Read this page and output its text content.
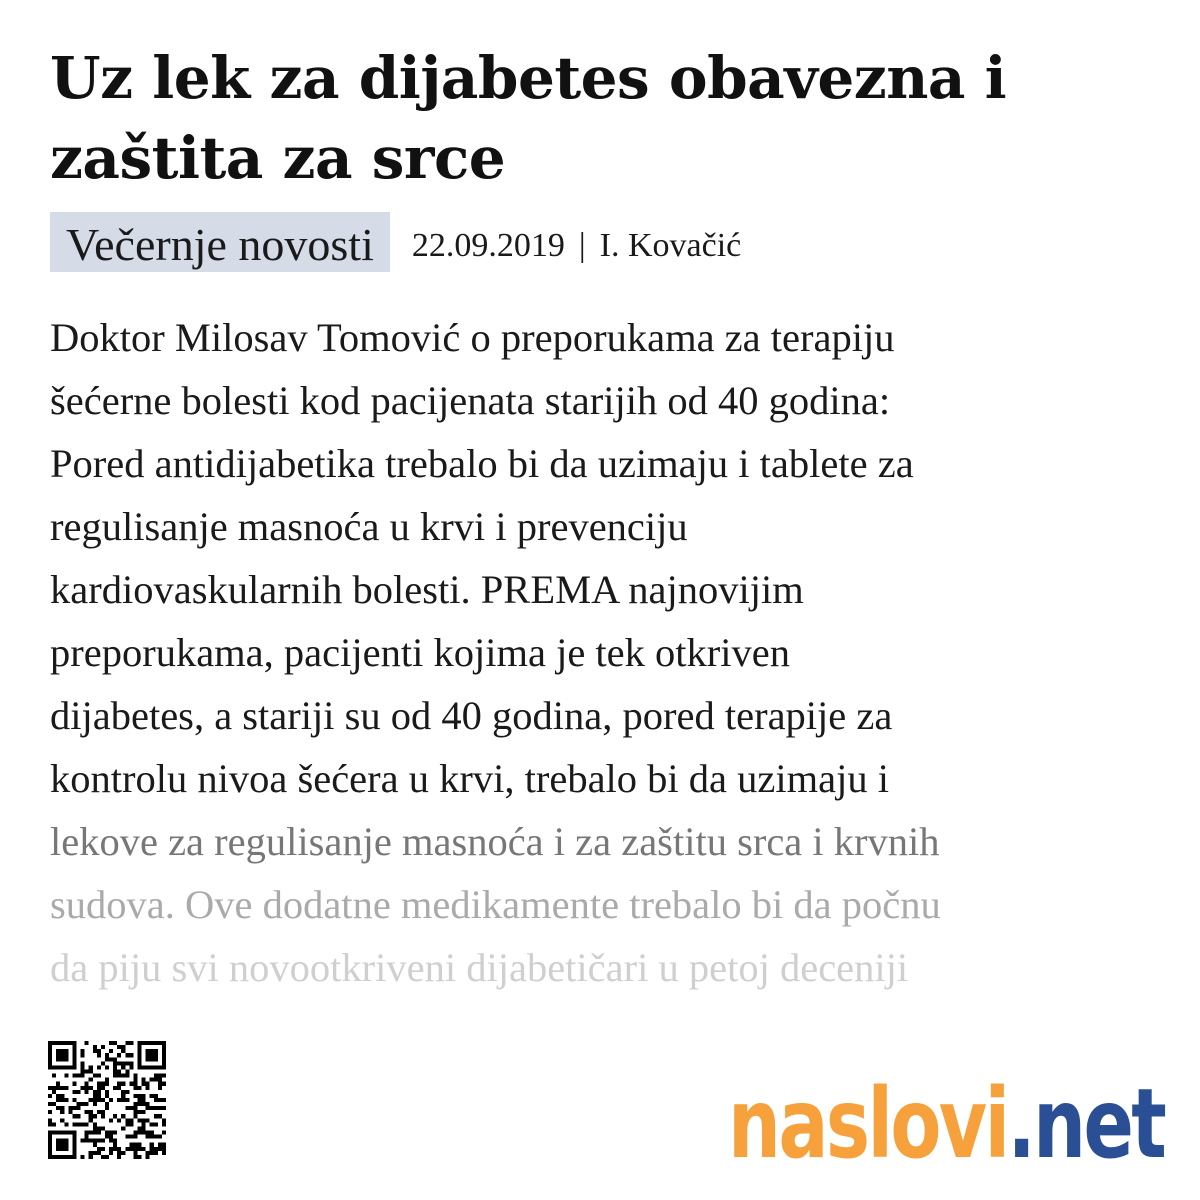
Uz lek za dijabetes obavezna i zaštita za srce
Večernje novosti	22.09.2019 | I. Kovačić
Doktor Milosav Tomović o preporukama za terapiju
šećerne bolesti kod pacijenata starijih od 40 godina:
Pored antidijabetika trebalo bi da uzimaju i tablete za
regulisanje masnoća u krvi i prevenciju
kardiovaskularnih bolesti. PREMA najnovijim
preporukama, pacijenti kojima je tek otkriven
dijabetes, a stariji su od 40 godina, pored terapije za
kontrolu nivoa šećera u krvi, trebalo bi da uzimaju i
lekove za regulisanje masnoća i za zaštitu srca i krvnih
sudova. Ove dodatne medikamente trebalo bi da počnu
da piju svi novootkriveni dijabetičari u petoj deceniji
naslovi .net
